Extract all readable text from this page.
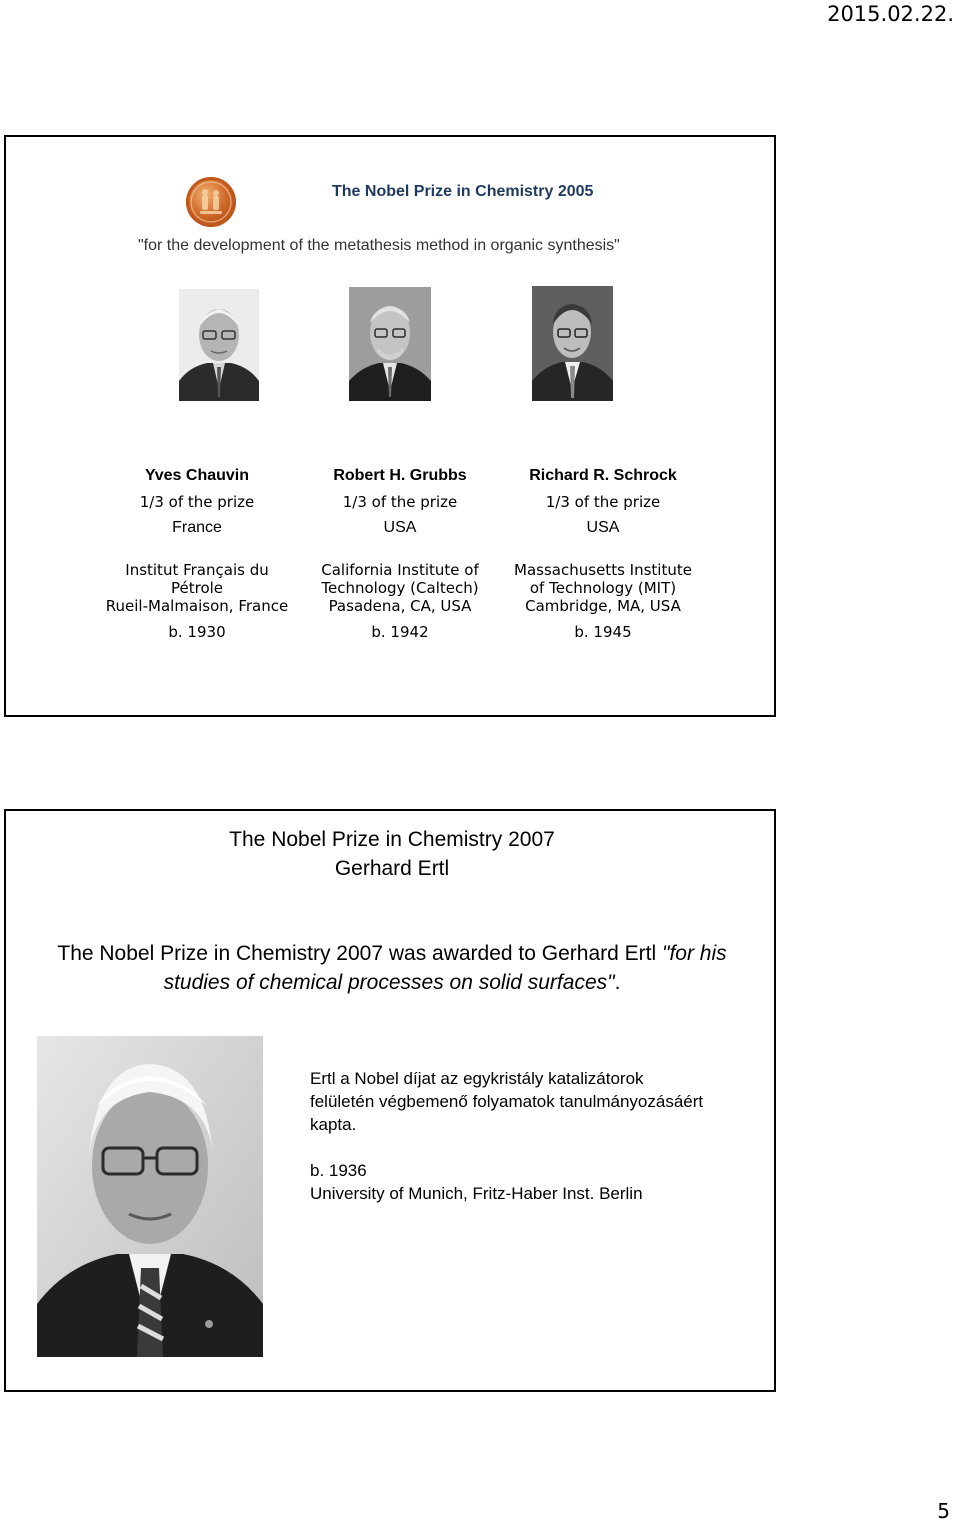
2015.02.22.
The Nobel Prize in Chemistry 2005
"for the development of the metathesis method in organic synthesis"
Yves Chauvin
1/3 of the prize
France
Institut Français du
Pétrole
Rueil-Malmaison, France
b. 1930
Robert H. Grubbs
1/3 of the prize
USA
California Institute of
Technology (Caltech)
Pasadena, CA, USA
b. 1942
Richard R. Schrock
1/3 of the prize
USA
Massachusetts Institute
of Technology (MIT)
Cambridge, MA, USA
b. 1945
The Nobel Prize in Chemistry 2007
Gerhard Ertl
The Nobel Prize in Chemistry 2007 was awarded to Gerhard Ertl "for his studies of chemical processes on solid surfaces".
Ertl a Nobel díjat az egykristály katalizátorok
felületén végbemenő folyamatok tanulmányozásáért
kapta.
b. 1936
University of Munich, Fritz-Haber Inst. Berlin
5
